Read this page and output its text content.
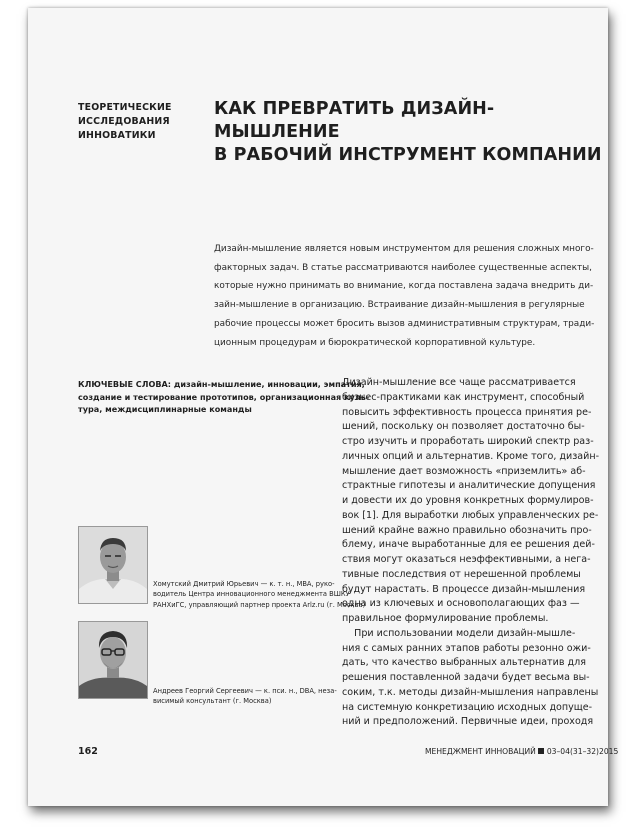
ТЕОРЕТИЧЕСКИЕ
ИССЛЕДОВАНИЯ
ИННОВАТИКИ
КАК ПРЕВРАТИТЬ ДИЗАЙН-МЫШЛЕНИЕ
В РАБОЧИЙ ИНСТРУМЕНТ КОМПАНИИ
Дизайн-мышление является новым инструментом для решения сложных много-
факторных задач. В статье рассматриваются наиболее существенные аспекты,
которые нужно принимать во внимание, когда поставлена задача внедрить ди-
зайн-мышление в организацию. Встраивание дизайн-мышления в регулярные
рабочие процессы может бросить вызов административным структурам, тради-
ционным процедурам и бюрократической корпоративной культуре.
КЛЮЧЕВЫЕ СЛОВА: дизайн-мышление, инновации, эмпатия,
создание и тестирование прототипов, организационная куль-
тура, междисциплинарные команды
Дизайн-мышление все чаще рассматривается
бизнес-практиками как инструмент, способный
повысить эффективность процесса принятия ре-
шений, поскольку он позволяет достаточно бы-
стро изучить и проработать широкий спектр раз-
личных опций и альтернатив. Кроме того, дизайн-
мышление дает возможность «приземлить» аб-
страктные гипотезы и аналитические допущения
и довести их до уровня конкретных формулиров-
вок [1]. Для выработки любых управленческих ре-
шений крайне важно правильно обозначить про-
блему, иначе выработанные для ее решения дей-
ствия могут оказаться неэффективными, а нега-
тивные последствия от нерешенной проблемы
будут нарастать. В процессе дизайн-мышления
одна из ключевых и основополагающих фаз —
правильное формулирование проблемы.
При использовании модели дизайн-мышле-
ния с самых ранних этапов работы резонно ожи-
дать, что качество выбранных альтернатив для
решения поставленной задачи будет весьма вы-
соким, т.к. методы дизайн-мышления направлены
на системную конкретизацию исходных допуще-
ний и предположений. Первичные идеи, проходя
Хомутский Дмитрий Юрьевич — к. т. н., МВА, руко-
водитель Центра инновационного менеджмента ВШКУ
РАНХиГС, управляющий партнер проекта Arlz.ru (г. Москва)
Андреев Георгий Сергеевич — к. пси. н., DBA, неза-
висимый консультант (г. Москва)
162	МЕНЕДЖМЕНТ ИННОВАЦИЙ 03–04(31–32)2015
